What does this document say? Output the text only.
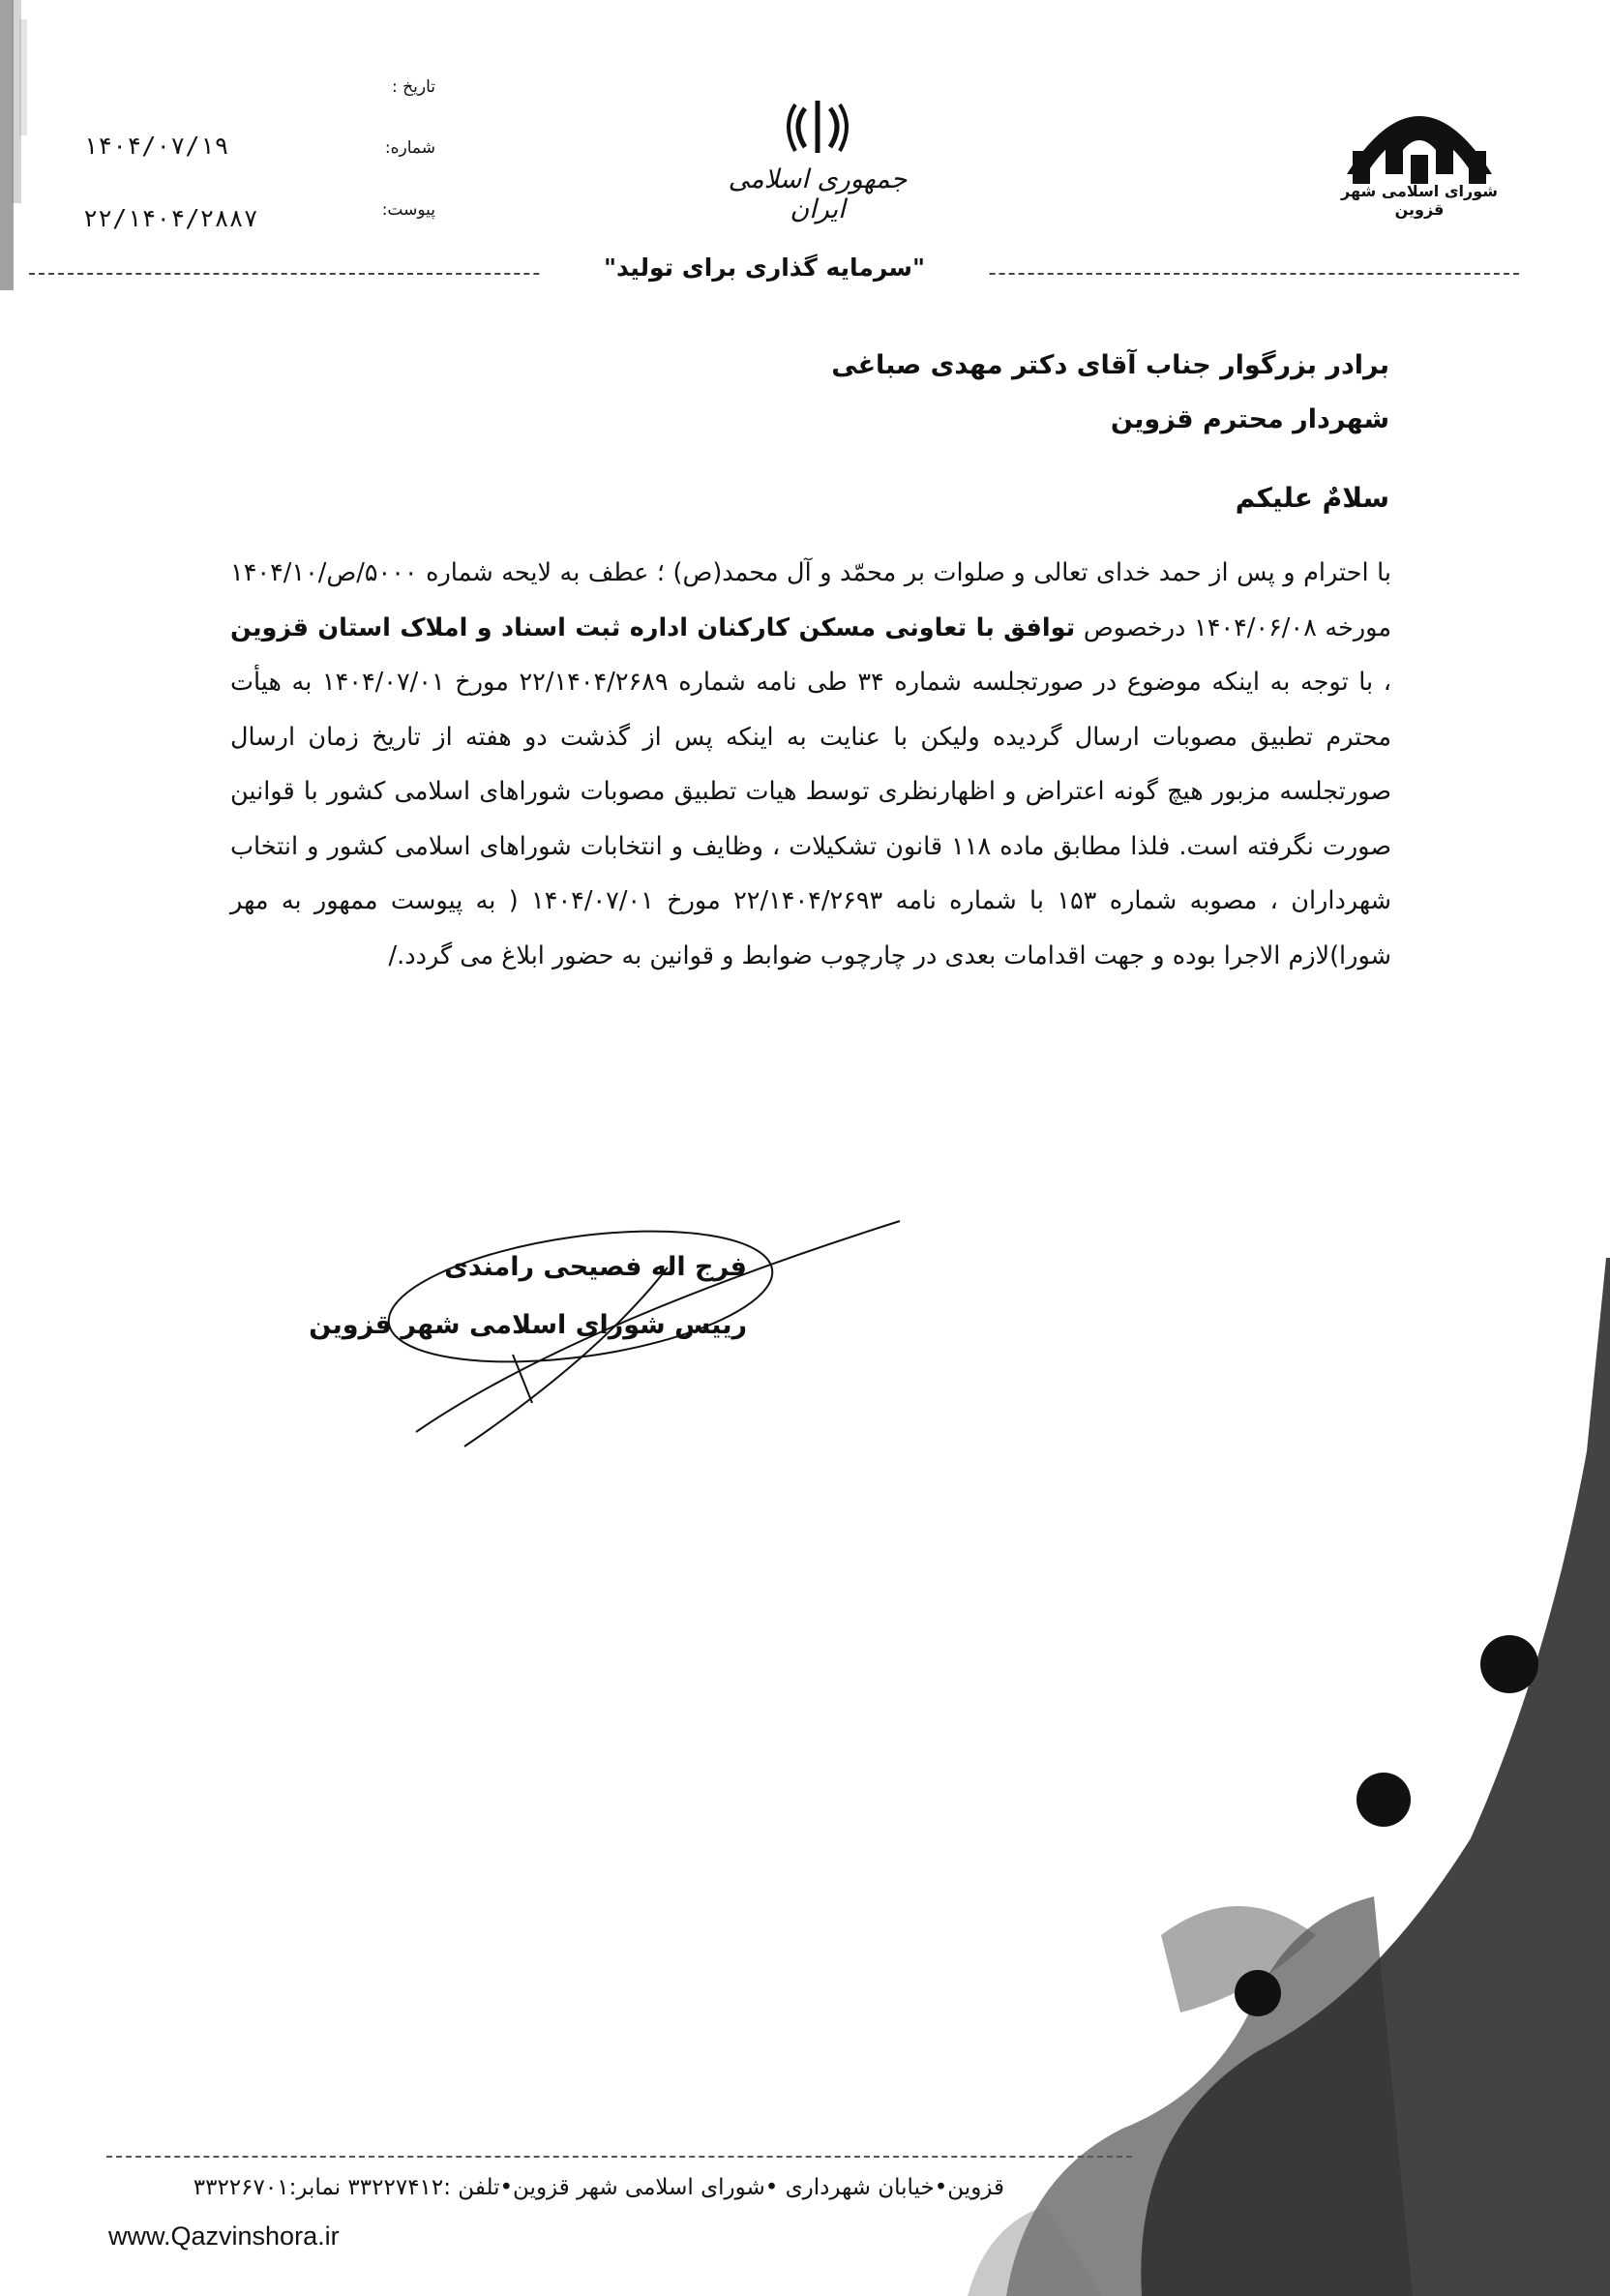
شورای اسلامی شهر قزوین
جمهوری اسلامی ایران
تاریخ :
شماره:
پیوست:
۱۴۰۴/۰۷/۱۹
۲۲/۱۴۰۴/۲۸۸۷
"سرمایه گذاری برای تولید"
برادر بزرگوار جناب آقای دکتر مهدی صباغی
شهردار محترم قزوین
سلامٌ علیکم
با احترام و پس از حمد خدای تعالی و صلوات بر محمّد و آل محمد(ص) ؛ عطف به لایحه شماره ۵۰۰۰/ص/۱۴۰۴/۱۰ مورخه ۱۴۰۴/۰۶/۰۸ درخصوص توافق با تعاونی مسکن کارکنان اداره ثبت اسناد و املاک استان قزوین ، با توجه به اینکه موضوع در صورتجلسه شماره ۳۴ طی نامه شماره ۲۲/۱۴۰۴/۲۶۸۹ مورخ ۱۴۰۴/۰۷/۰۱ به هیأت محترم تطبیق مصوبات ارسال گردیده ولیکن با عنایت به اینکه پس از گذشت دو هفته از تاریخ زمان ارسال صورتجلسه مزبور هیچ گونه اعتراض و اظهارنظری توسط هیات تطبیق مصوبات شوراهای اسلامی کشور با قوانین صورت نگرفته است. فلذا مطابق ماده ۱۱۸ قانون تشکیلات ، وظایف و انتخابات شوراهای اسلامی کشور و انتخاب شهرداران ، مصوبه شماره ۱۵۳ با شماره نامه ۲۲/۱۴۰۴/۲۶۹۳ مورخ ۱۴۰۴/۰۷/۰۱ ( به پیوست ممهور به مهر شورا)لازم الاجرا بوده و جهت اقدامات بعدی در چارچوب ضوابط و قوانین به حضور ابلاغ می گردد./
فرج اله فصیحی رامندی
رییس شورای اسلامی شهر قزوین
قزوین•خیابان شهرداری •شورای اسلامی شهر قزوین•تلفن :۳۳۲۲۷۴۱۲ نمابر:۳۳۲۲۶۷۰۱
www.Qazvinshora.ir
